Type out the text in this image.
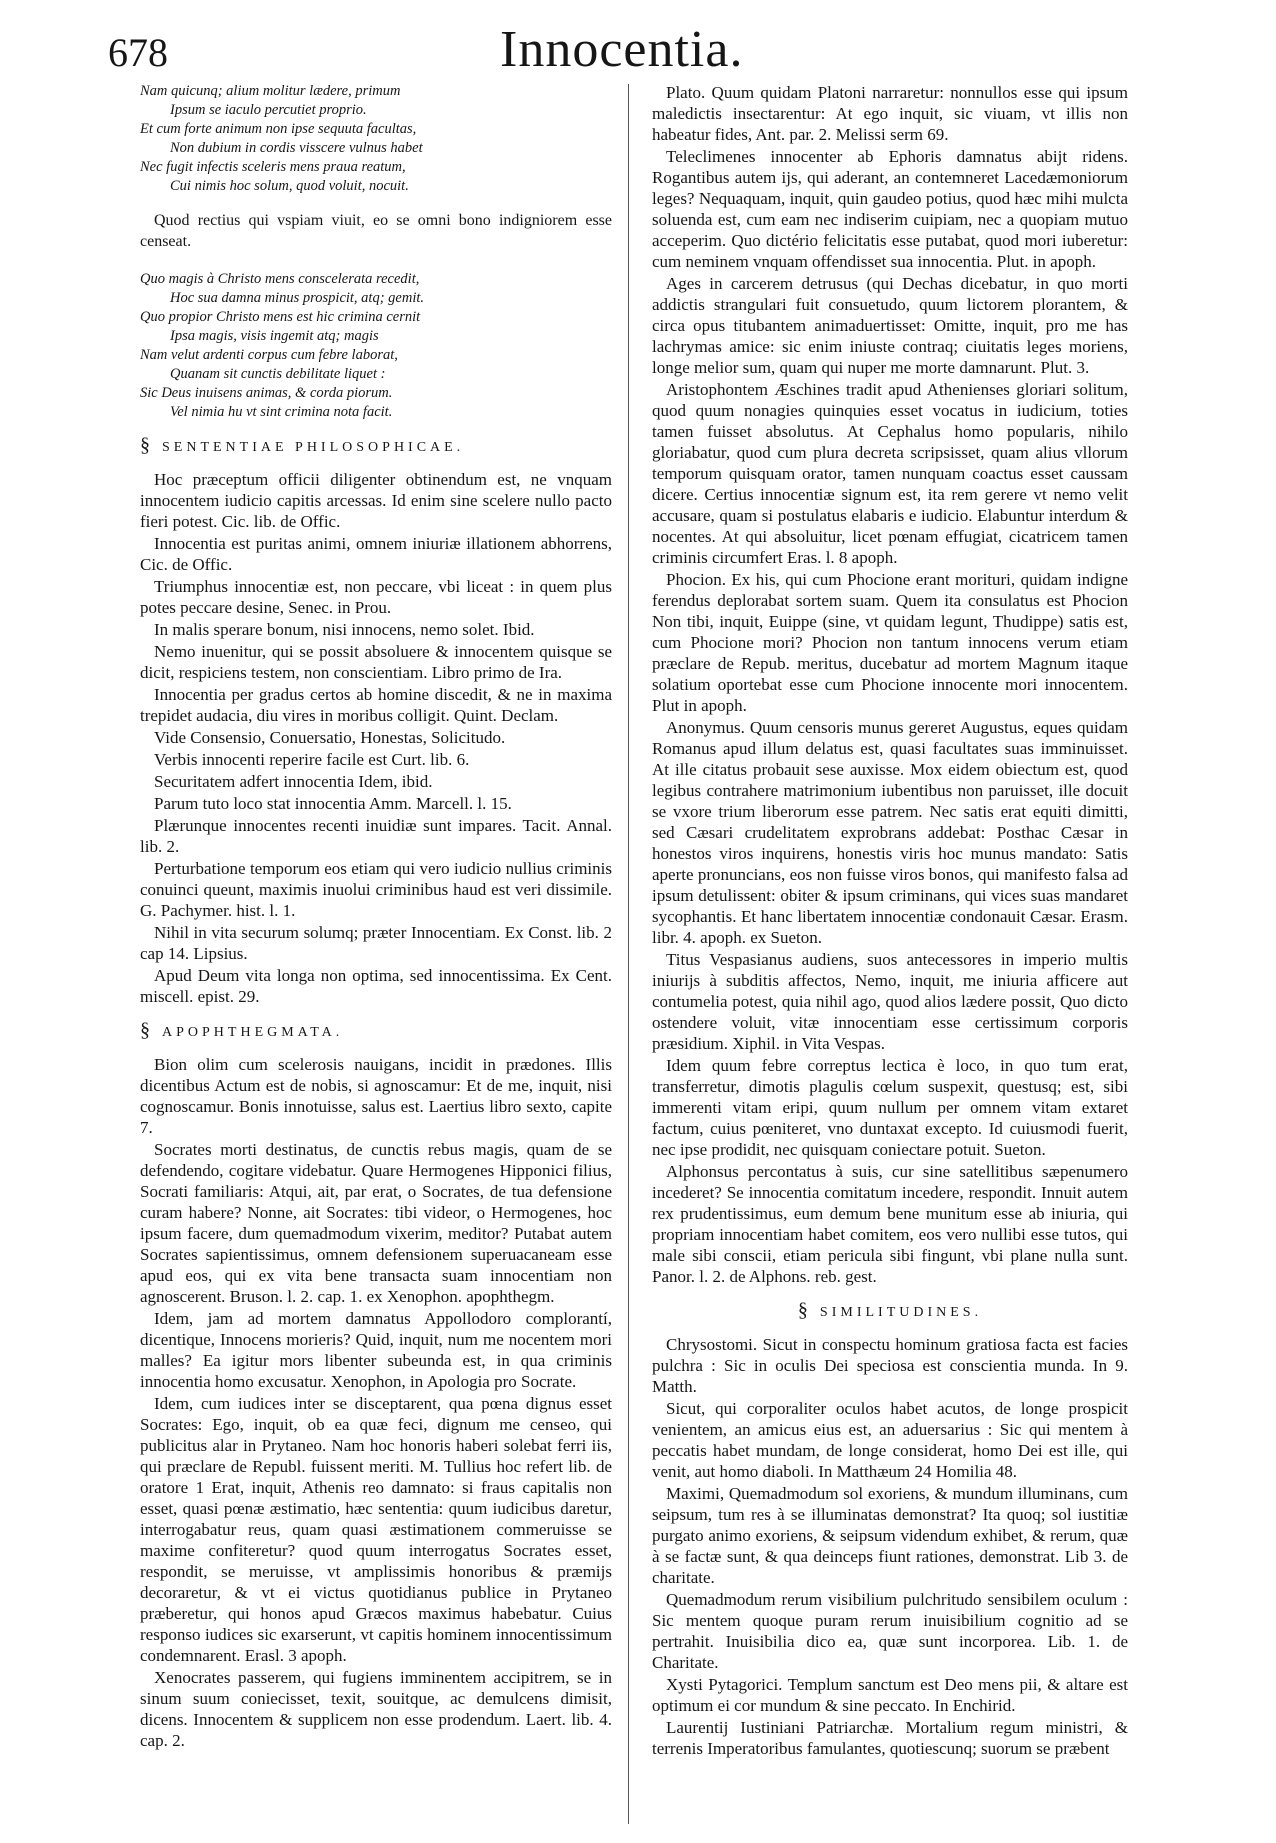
678	Innocentia.
Nam quicunq; alium molitur lædere, primum
Ipsum se iaculo percutiet proprio.
Et cum forte animum non ipse sequuta facultas,
Non dubium in cordis visscere vulnus habet
Nec fugit infectis sceleris mens praua reatum,
Cui nimis hoc solum, quod voluit, nocuit.
Quod rectius qui vspiam viuit, eo se omni bono indigniorem esse censeat.
Quo magis à Christo mens conscelerata recedit,
Hoc sua damna minus prospicit, atq; gemit.
Quo propior Christo mens est hic crimina cernit
Ipsa magis, visis ingemit atq; magis
Nam velut ardenti corpus cum febre laborat,
Quanam sit cunctis debilitate liquet :
Sic Deus inuisens animas, & corda piorum.
Vel nimia hu vt sint crimina nota facit.
§ SENTENTIAE PHILOSOPHICAE.
Hoc præceptum officii diligenter obtinendum est, ne vnquam innocentem iudicio capitis arcessas. Id enim sine scelere nullo pacto fieri potest. Cic. lib. de Offic.
Innocentia est puritas animi, omnem iniuriæ illationem abhorrens, Cic. de Offic.
Triumphus innocentiæ est, non peccare, vbi liceat : in quem plus potes peccare desine, Senec. in Prou.
In malis sperare bonum, nisi innocens, nemo solet. Ibid.
Nemo inuenitur, qui se possit absoluere & innocentem quisque se dicit, respiciens testem, non conscientiam. Libro primo de Ira.
Innocentia per gradus certos ab homine discedit, & ne in maxima trepidet audacia, diu vires in moribus colligit. Quint. Declam.
Vide Consensio, Conuersatio, Honestas, Solicitudo.
Verbis innocenti reperire facile est Curt. lib. 6.
Securitatem adfert innocentia Idem, ibid.
Parum tuto loco stat innocentia Amm. Marcell. l. 15.
Plærunque innocentes recenti inuidiæ sunt impares. Tacit. Annal. lib. 2.
Perturbatione temporum eos etiam qui vero iudicio nullius criminis conuinci queunt, maximis inuolui criminibus haud est veri dissimile. G. Pachymer. hist. l. 1.
Nihil in vita securum solumq; præter Innocentiam. Ex Const. lib. 2 cap 14. Lipsius.
Apud Deum vita longa non optima, sed innocentissima. Ex Cent. miscell. epist. 29.
§ APOPHTHEGMATA.
Bion olim cum scelerosis nauigans, incidit in prædones. Illis dicentibus Actum est de nobis, si agnoscamur: Et de me, inquit, nisi cognoscamur. Bonis innotuisse, salus est. Laertius libro sexto, capite 7.
Socrates morti destinatus, de cunctis rebus magis, quam de se defendendo, cogitare videbatur. Quare Hermogenes Hipponici filius, Socrati familiaris: Atqui, ait, par erat, o Socrates, de tua defensione curam habere? Nonne, ait Socrates: tibi videor, o Hermogenes, hoc ipsum facere, dum quemadmodum vixerim, meditor? Putabat autem Socrates sapientissimus, omnem defensionem superuacaneam esse apud eos, qui ex vita bene transacta suam innocentiam non agnoscerent. Bruson. l. 2. cap. 1. ex Xenophon. apophthegm.
Idem, jam ad mortem damnatus Appollodoro complorantí, dicentique, Innocens morieris? Quid, inquit, num me nocentem mori malles? Ea igitur mors libenter subeunda est, in qua criminis innocentia homo excusatur. Xenophon, in Apologia pro Socrate.
Idem, cum iudices inter se disceptarent, qua pœna dignus esset Socrates: Ego, inquit, ob ea quæ feci, dignum me censeo, qui publicitus alar in Prytaneo. Nam hoc honoris haberi solebat ferri iis, qui præclare de Republ. fuissent meriti. M. Tullius hoc refert lib. de oratore 1 Erat, inquit, Athenis reo damnato: si fraus capitalis non esset, quasi pœnæ æstimatio, hæc sententia: quum iudicibus daretur, interrogabatur reus, quam quasi æstimationem commeruisse se maxime confiteretur? quod quum interrogatus Socrates esset, respondit, se meruisse, vt amplissimis honoribus & præmijs decoraretur, & vt ei victus quotidianus publice in Prytaneo præberetur, qui honos apud Græcos maximus habebatur. Cuius responso iudices sic exarserunt, vt capitis hominem innocentissimum condemnarent. Erasl. 3 apoph.
Xenocrates passerem, qui fugiens imminentem accipitrem, se in sinum suum coniecisset, texit, souitque, ac demulcens dimisit, dicens. Innocentem & supplicem non esse prodendum. Laert. lib. 4. cap. 2.
Plato. Quum quidam Platoni narraretur: nonnullos esse qui ipsum maledictis insectarentur: At ego inquit, sic viuam, vt illis non habeatur fides, Ant. par. 2. Melissi serm 69.
Teleclimenes innocenter ab Ephoris damnatus abijt ridens. Rogantibus autem ijs, qui aderant, an contemneret Lacedæmoniorum leges? Nequaquam, inquit, quin gaudeo potius, quod hæc mihi mulcta soluenda est, cum eam nec indiserim cuipiam, nec a quopiam mutuo acceperim. Quo dictério felicitatis esse putabat, quod mori iuberetur: cum neminem vnquam offendisset sua innocentia. Plut. in apoph.
Ages in carcerem detrusus (qui Dechas dicebatur, in quo morti addictis strangulari fuit consuetudo, quum lictorem plorantem, & circa opus titubantem animaduertisset: Omitte, inquit, pro me has lachrymas amice: sic enim iniuste contraq; ciuitatis leges moriens, longe melior sum, quam qui nuper me morte damnarunt. Plut. 3.
Aristophontem Æschines tradit apud Athenienses gloriari solitum, quod quum nonagies quinquies esset vocatus in iudicium, toties tamen fuisset absolutus. At Cephalus homo popularis, nihilo gloriabatur, quod cum plura decreta scripsisset, quam alius vllorum temporum quisquam orator, tamen nunquam coactus esset caussam dicere. Certius innocentiæ signum est, ita rem gerere vt nemo velit accusare, quam si postulatus elabaris e iudicio. Elabuntur interdum & nocentes. At qui absoluitur, licet pœnam effugiat, cicatricem tamen criminis circumfert Eras. l. 8 apoph.
Phocion. Ex his, qui cum Phocione erant morituri, quidam indigne ferendus deplorabat sortem suam. Quem ita consulatus est Phocion Non tibi, inquit, Euippe (sine, vt quidam legunt, Thudippe) satis est, cum Phocione mori? Phocion non tantum innocens verum etiam præclare de Repub. meritus, ducebatur ad mortem Magnum itaque solatium oportebat esse cum Phocione innocente mori innocentem. Plut in apoph.
Anonymus. Quum censoris munus gereret Augustus, eques quidam Romanus apud illum delatus est, quasi facultates suas imminuisset. At ille citatus probauit sese auxisse. Mox eidem obiectum est, quod legibus contrahere matrimonium iubentibus non paruisset, ille docuit se vxore trium liberorum esse patrem. Nec satis erat equiti dimitti, sed Cæsari crudelitatem exprobrans addebat: Posthac Cæsar in honestos viros inquirens, honestis viris hoc munus mandato: Satis aperte pronuncians, eos non fuisse viros bonos, qui manifesto falsa ad ipsum detulissent: obiter & ipsum criminans, qui vices suas mandaret sycophantis. Et hanc libertatem innocentiæ condonauit Cæsar. Erasm. libr. 4. apoph. ex Sueton.
Titus Vespasianus audiens, suos antecessores in imperio multis iniurijs à subditis affectos, Nemo, inquit, me iniuria afficere aut contumelia potest, quia nihil ago, quod alios lædere possit, Quo dicto ostendere voluit, vitæ innocentiam esse certissimum corporis præsidium. Xiphil. in Vita Vespas.
Idem quum febre correptus lectica è loco, in quo tum erat, transferretur, dimotis plagulis cœlum suspexit, questusq; est, sibi immerenti vitam eripi, quum nullum per omnem vitam extaret factum, cuius pœniteret, vno duntaxat excepto. Id cuiusmodi fuerit, nec ipse prodidit, nec quisquam coniectare potuit. Sueton.
Alphonsus percontatus à suis, cur sine satellitibus sæpenumero incederet? Se innocentia comitatum incedere, respondit. Innuit autem rex prudentissimus, eum demum bene munitum esse ab iniuria, qui propriam innocentiam habet comitem, eos vero nullibi esse tutos, qui male sibi conscii, etiam pericula sibi fingunt, vbi plane nulla sunt. Panor. l. 2. de Alphons. reb. gest.
§ SIMILITUDINES.
Chrysostomi. Sicut in conspectu hominum gratiosa facta est facies pulchra : Sic in oculis Dei speciosa est conscientia munda. In 9. Matth.
Sicut, qui corporaliter oculos habet acutos, de longe prospicit venientem, an amicus eius est, an aduersarius : Sic qui mentem à peccatis habet mundam, de longe considerat, homo Dei est ille, qui venit, aut homo diaboli. In Matthæum 24 Homilia 48.
Maximi, Quemadmodum sol exoriens, & mundum illuminans, cum seipsum, tum res à se illuminatas demonstrat? Ita quoq; sol iustitiæ purgato animo exoriens, & seipsum videndum exhibet, & rerum, quæ à se factæ sunt, & qua deinceps fiunt rationes, demonstrat. Lib 3. de charitate.
Quemadmodum rerum visibilium pulchritudo sensibilem oculum : Sic mentem quoque puram rerum inuisibilium cognitio ad se pertrahit. Inuisibilia dico ea, quæ sunt incorporea. Lib. 1. de Charitate.
Xysti Pytagorici. Templum sanctum est Deo mens pii, & altare est optimum ei cor mundum & sine peccato. In Enchirid.
Laurentij Iustiniani Patriarchæ. Mortalium regum ministri, & terrenis Imperatoribus famulantes, quotiescunq; suorum se præbent
